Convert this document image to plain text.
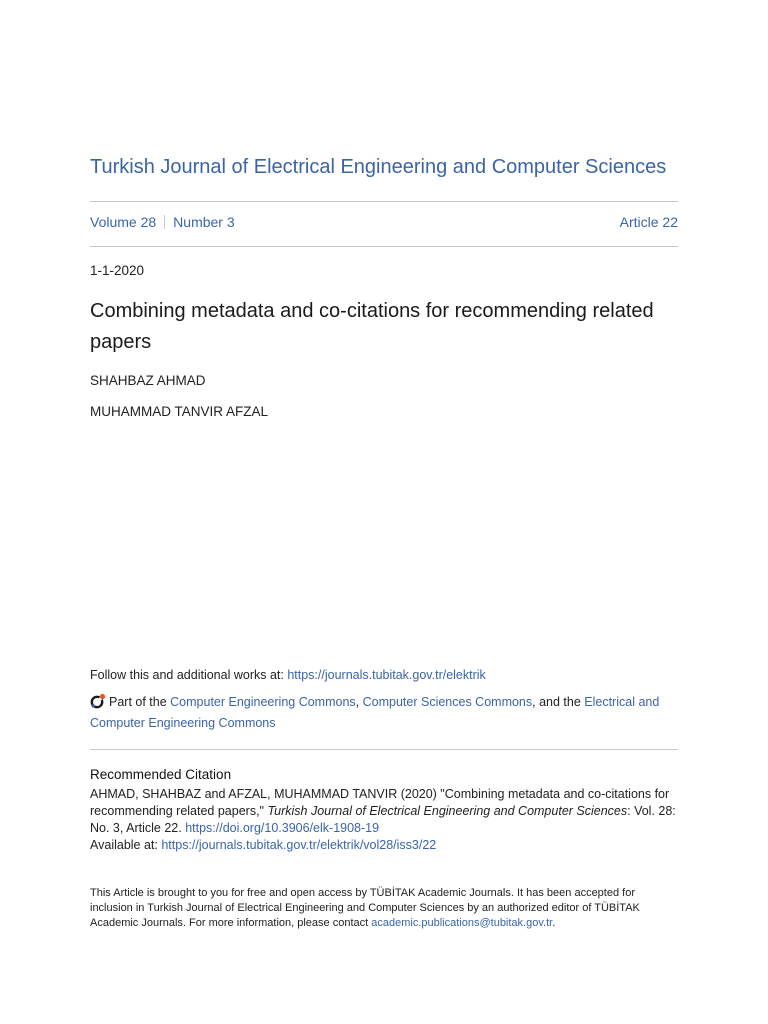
Turkish Journal of Electrical Engineering and Computer Sciences
Volume 28 Number 3	Article 22
1-1-2020
Combining metadata and co-citations for recommending related papers
SHAHBAZ AHMAD
MUHAMMAD TANVIR AFZAL
Follow this and additional works at: https://journals.tubitak.gov.tr/elektrik
Part of the Computer Engineering Commons, Computer Sciences Commons, and the Electrical and Computer Engineering Commons
Recommended Citation
AHMAD, SHAHBAZ and AFZAL, MUHAMMAD TANVIR (2020) "Combining metadata and co-citations for recommending related papers," Turkish Journal of Electrical Engineering and Computer Sciences: Vol. 28: No. 3, Article 22. https://doi.org/10.3906/elk-1908-19
Available at: https://journals.tubitak.gov.tr/elektrik/vol28/iss3/22
This Article is brought to you for free and open access by TÜBİTAK Academic Journals. It has been accepted for inclusion in Turkish Journal of Electrical Engineering and Computer Sciences by an authorized editor of TÜBİTAK Academic Journals. For more information, please contact academic.publications@tubitak.gov.tr.
